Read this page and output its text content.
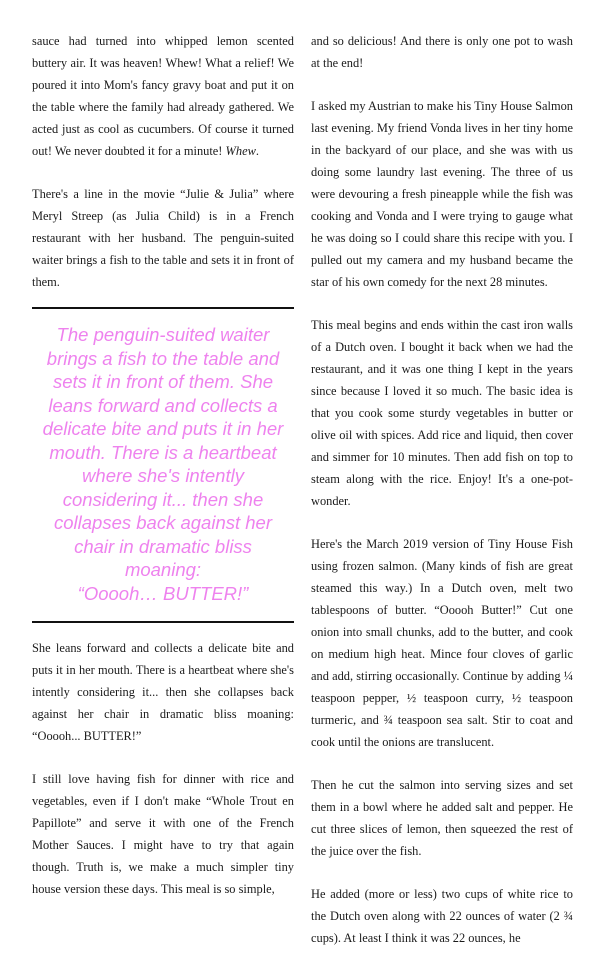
sauce had turned into whipped lemon scented buttery air. It was heaven! Whew! What a relief! We poured it into Mom's fancy gravy boat and put it on the table where the family had already gathered. We acted just as cool as cucumbers. Of course it turned out! We never doubted it for a minute! Whew.

There's a line in the movie “Julie & Julia” where Meryl Streep (as Julia Child) is in a French restaurant with her husband. The penguin-suited waiter brings a fish to the table and sets it in front of them.

The penguin-suited waiter brings a fish to the table and sets it in front of them. She leans forward and collects a delicate bite and puts it in her mouth. There is a heartbeat where she's intently considering it... then she collapses back against her chair in dramatic bliss moaning:
“Ooooh… BUTTER!”

She leans forward and collects a delicate bite and puts it in her mouth. There is a heartbeat where she's intently considering it... then she collapses back against her chair in dramatic bliss moaning: “Ooooh... BUTTER!”

I still love having fish for dinner with rice and vegetables, even if I don't make “Whole Trout en Papillote” and serve it with one of the French Mother Sauces. I might have to try that again though. Truth is, we make a much simpler tiny house version these days. This meal is so simple,

and so delicious! And there is only one pot to wash at the end!

I asked my Austrian to make his Tiny House Salmon last evening. My friend Vonda lives in her tiny home in the backyard of our place, and she was with us doing some laundry last evening. The three of us were devouring a fresh pineapple while the fish was cooking and Vonda and I were trying to gauge what he was doing so I could share this recipe with you. I pulled out my camera and my husband became the star of his own comedy for the next 28 minutes.

This meal begins and ends within the cast iron walls of a Dutch oven. I bought it back when we had the restaurant, and it was one thing I kept in the years since because I loved it so much. The basic idea is that you cook some sturdy vegetables in butter or olive oil with spices. Add rice and liquid, then cover and simmer for 10 minutes. Then add fish on top to steam along with the rice. Enjoy! It's a one-pot-wonder.

Here's the March 2019 version of Tiny House Fish using frozen salmon. (Many kinds of fish are great steamed this way.) In a Dutch oven, melt two tablespoons of butter. “Ooooh Butter!” Cut one onion into small chunks, add to the butter, and cook on medium high heat. Mince four cloves of garlic and add, stirring occasionally. Continue by adding ¼ teaspoon pepper, ½ teaspoon curry, ½ teaspoon turmeric, and ¾ teaspoon sea salt. Stir to coat and cook until the onions are translucent.

Then he cut the salmon into serving sizes and set them in a bowl where he added salt and pepper. He cut three slices of lemon, then squeezed the rest of the juice over the fish.

He added (more or less) two cups of white rice to the Dutch oven along with 22 ounces of water (2 ¾ cups). At least I think it was 22 ounces, he
